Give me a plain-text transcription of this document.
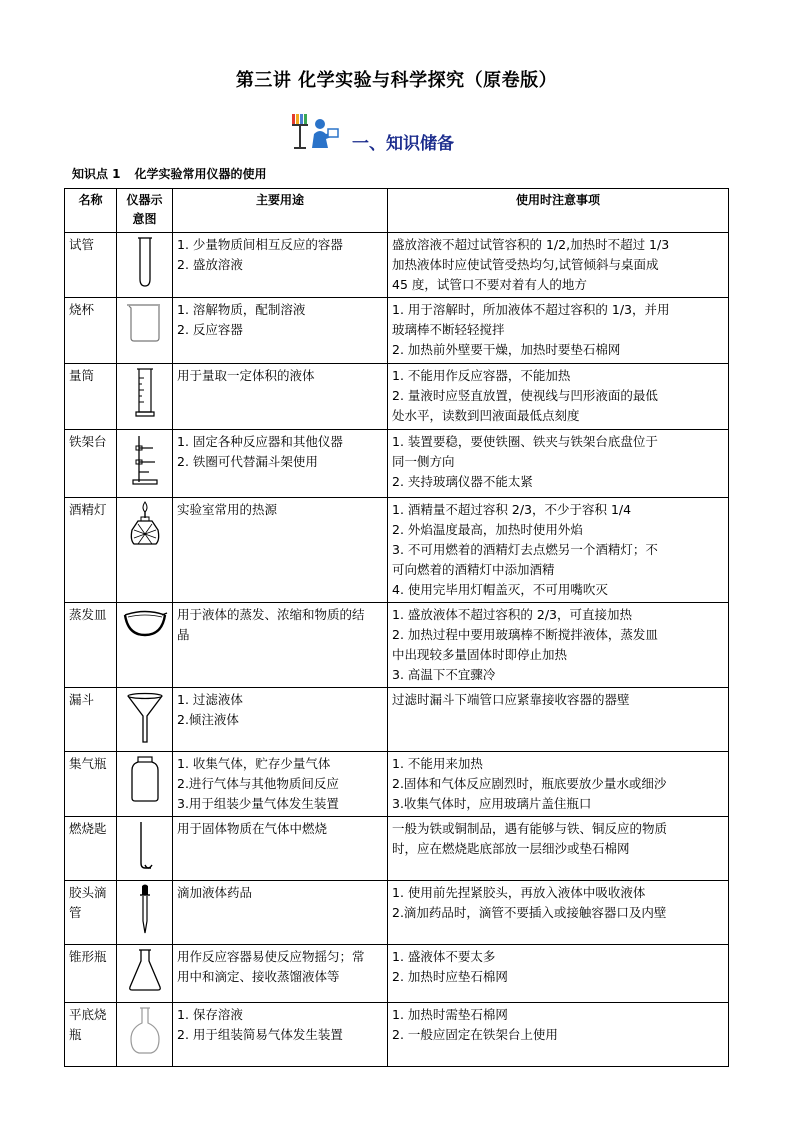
第三讲 化学实验与科学探究（原卷版）
一、知识储备
知识点 1 化学实验常用仪器的使用
名称	仪器示
意图	主要用途	使用时注意事项
试管		1. 少量物质间相互反应的容器
2. 盛放溶液	盛放溶液不超过试管容积的 1/2,加热时不超过 1/3
加热液体时应使试管受热均匀,试管倾斜与桌面成
45 度，试管口不要对着有人的地方

烧杯		1. 溶解物质，配制溶液
2. 反应容器	1. 用于溶解时，所加液体不超过容积的 1/3，并用
玻璃棒不断轻轻搅拌
2. 加热前外壁要干燥，加热时要垫石棉网

量筒		用于量取一定体积的液体	1. 不能用作反应容器，不能加热
2. 量液时应竖直放置，使视线与凹形液面的最低
处水平，读数到凹液面最低点刻度

铁架台		1. 固定各种反应器和其他仪器
2. 铁圈可代替漏斗架使用	1. 装置要稳，要使铁圈、铁夹与铁架台底盘位于
同一侧方向
2. 夹持玻璃仪器不能太紧

酒精灯		实验室常用的热源	1. 酒精量不超过容积 2/3，不少于容积 1/4
2. 外焰温度最高，加热时使用外焰
3. 不可用燃着的酒精灯去点燃另一个酒精灯；不
可向燃着的酒精灯中添加酒精
4. 使用完毕用灯帽盖灭，不可用嘴吹灭

蒸发皿		用于液体的蒸发、浓缩和物质的结
晶	1. 盛放液体不超过容积的 2/3，可直接加热
2. 加热过程中要用玻璃棒不断搅拌液体，蒸发皿
中出现较多量固体时即停止加热
3. 高温下不宜骤冷

漏斗		1. 过滤液体
2.倾注液体	过滤时漏斗下端管口应紧靠接收容器的器壁

集气瓶		1. 收集气体，贮存少量气体
2.进行气体与其他物质间反应
3.用于组装少量气体发生装置	1. 不能用来加热
2.固体和气体反应剧烈时，瓶底要放少量水或细沙
3.收集气体时，应用玻璃片盖住瓶口

燃烧匙		用于固体物质在气体中燃烧	一般为铁或铜制品，遇有能够与铁、铜反应的物质
时，应在燃烧匙底部放一层细沙或垫石棉网

胶头滴
管		滴加液体药品	1. 使用前先捏紧胶头，再放入液体中吸收液体
2.滴加药品时，滴管不要插入或接触容器口及内壁

锥形瓶		用作反应容器易使反应物摇匀；常
用中和滴定、接收蒸馏液体等	1. 盛液体不要太多
2. 加热时应垫石棉网

平底烧
瓶		1. 保存溶液
2. 用于组装简易气体发生装置	1. 加热时需垫石棉网
2. 一般应固定在铁架台上使用
